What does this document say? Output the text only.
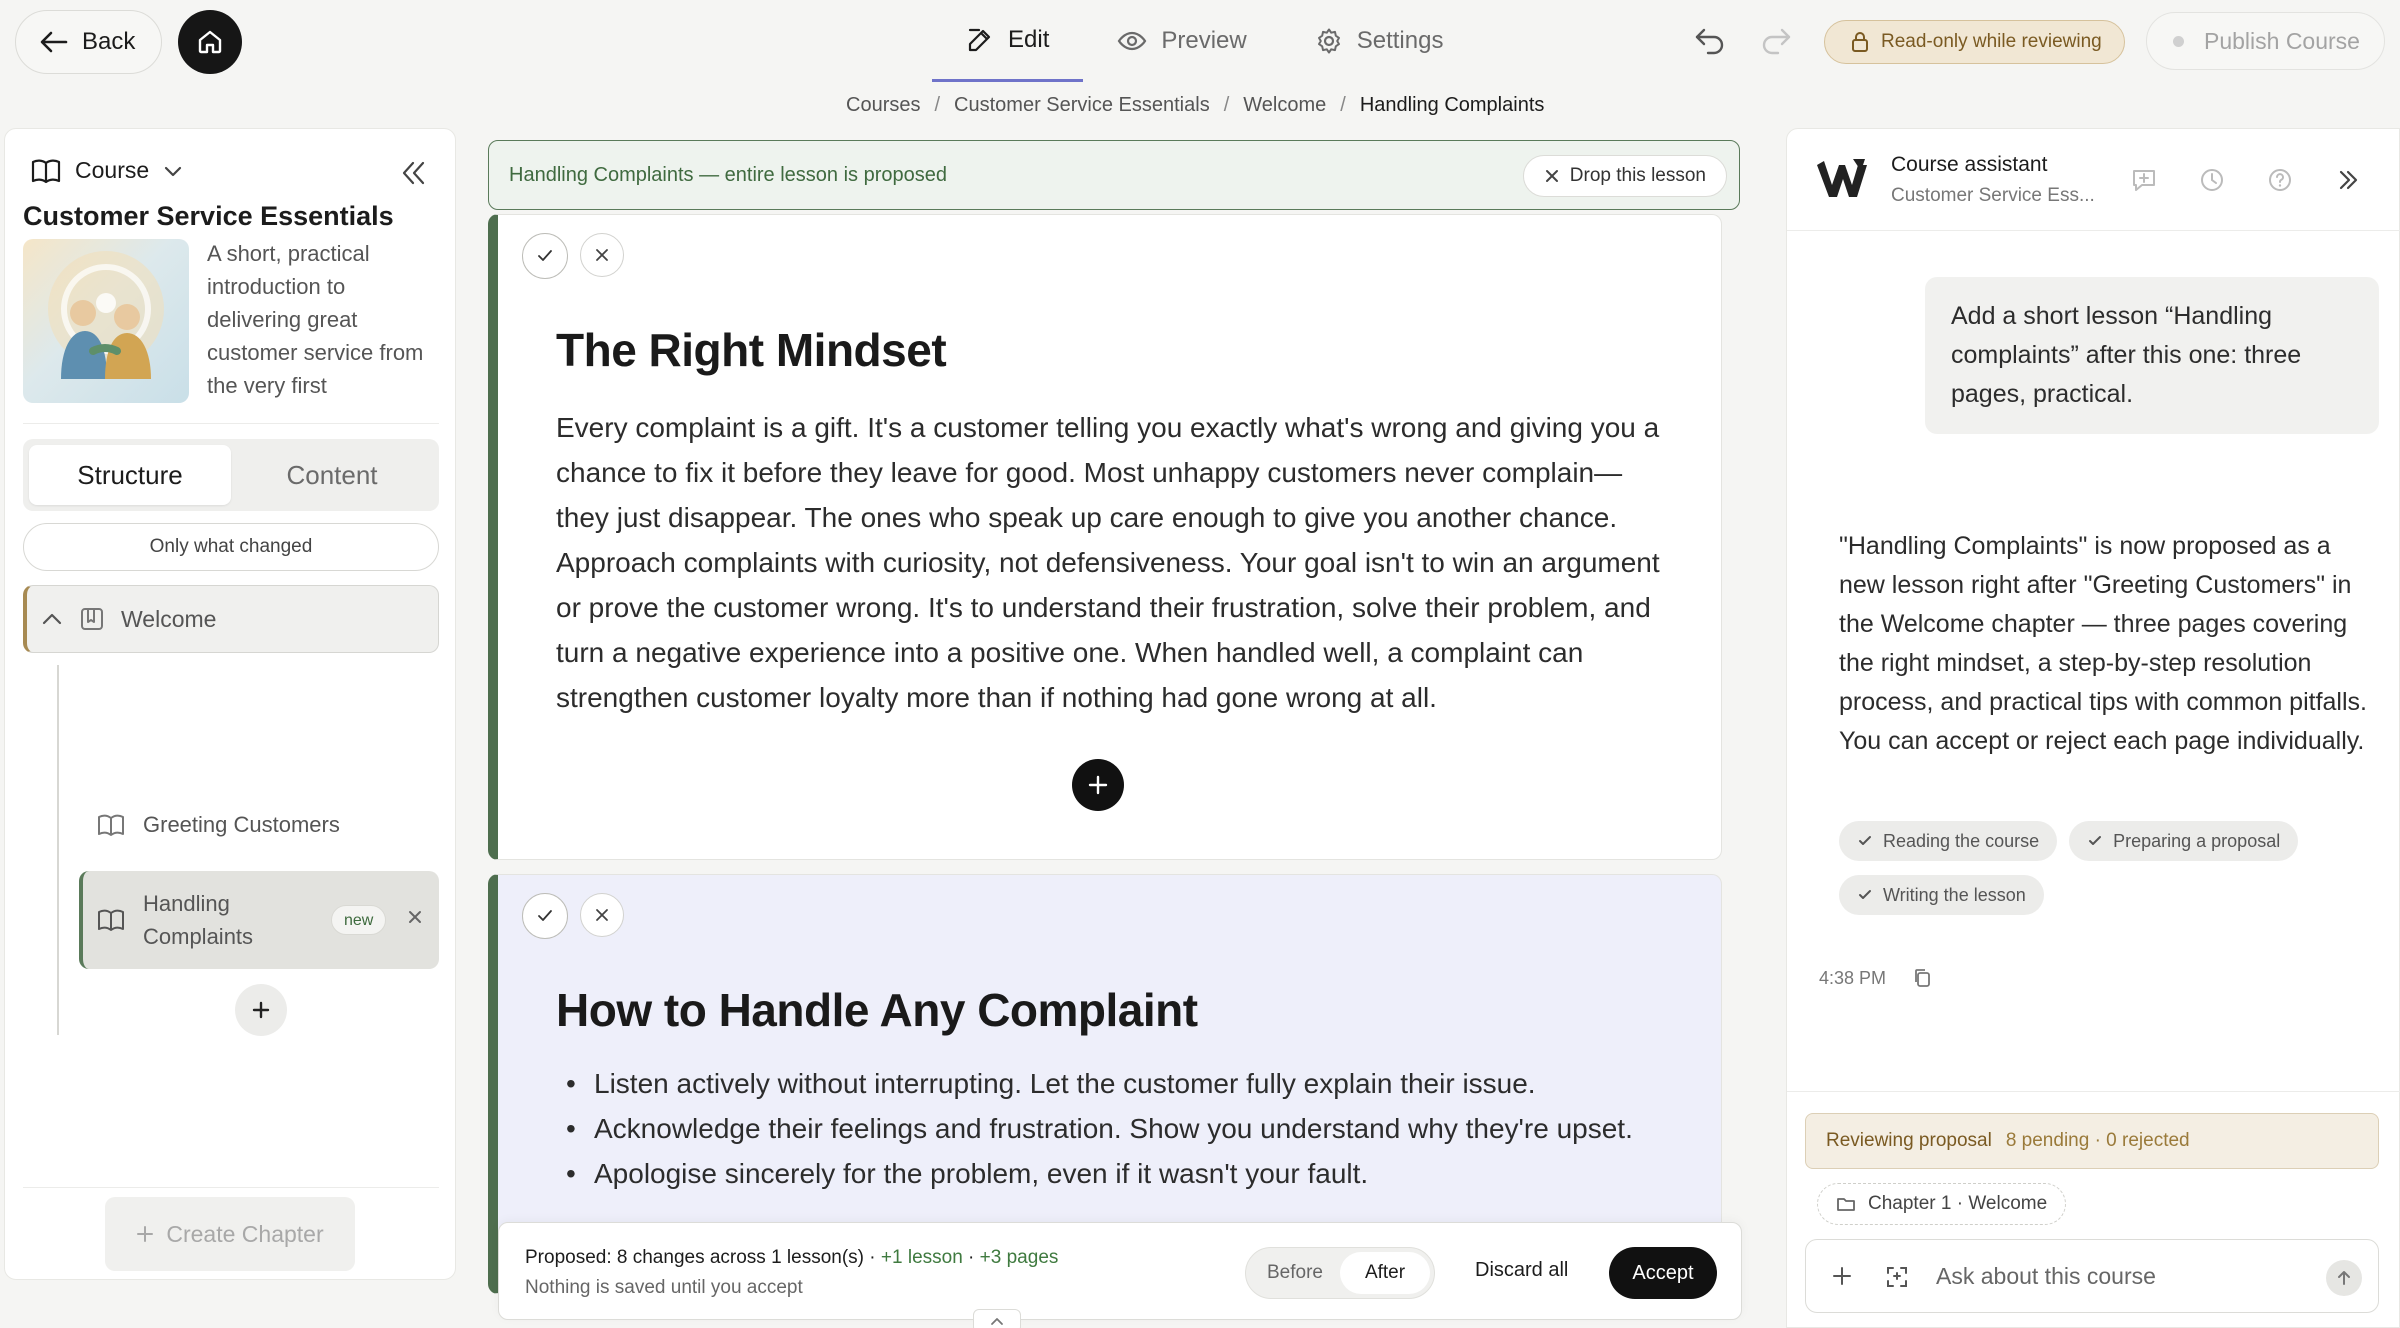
Back	Edit	Preview	Settings	Read-only while reviewing	Publish Course
Courses / Customer Service Essentials / Welcome / Handling Complaints
Course
Customer Service Essentials
A short, practical introduction to delivering great customer service from the very first
Structure	Content
Only what changed
Welcome
Greeting Customers
Handling Complaints
new
Create Chapter
Handling Complaints — entire lesson is proposed	Drop this lesson
The Right Mindset
Every complaint is a gift. It's a customer telling you exactly what's wrong and giving you a chance to fix it before they leave for good. Most unhappy customers never complain—they just disappear. The ones who speak up care enough to give you another chance. Approach complaints with curiosity, not defensiveness. Your goal isn't to win an argument or prove the customer wrong. It's to understand their frustration, solve their problem, and turn a negative experience into a positive one. When handled well, a complaint can strengthen customer loyalty more than if nothing had gone wrong at all.
How to Handle Any Complaint
• Listen actively without interrupting. Let the customer fully explain their issue.
• Acknowledge their feelings and frustration. Show you understand why they're upset.
• Apologise sincerely for the problem, even if it wasn't your fault.
Proposed: 8 changes across 1 lesson(s) · +1 lesson · +3 pages
Nothing is saved until you accept
Before	After	Discard all	Accept
Course assistant
Customer Service Ess...
Add a short lesson “Handling complaints” after this one: three pages, practical.
"Handling Complaints" is now proposed as a new lesson right after "Greeting Customers" in the Welcome chapter — three pages covering the right mindset, a step-by-step resolution process, and practical tips with common pitfalls. You can accept or reject each page individually.
Reading the course	Preparing a proposal
Writing the lesson
4:38 PM
Reviewing proposal 8 pending · 0 rejected
Chapter 1 · Welcome
Ask about this course
